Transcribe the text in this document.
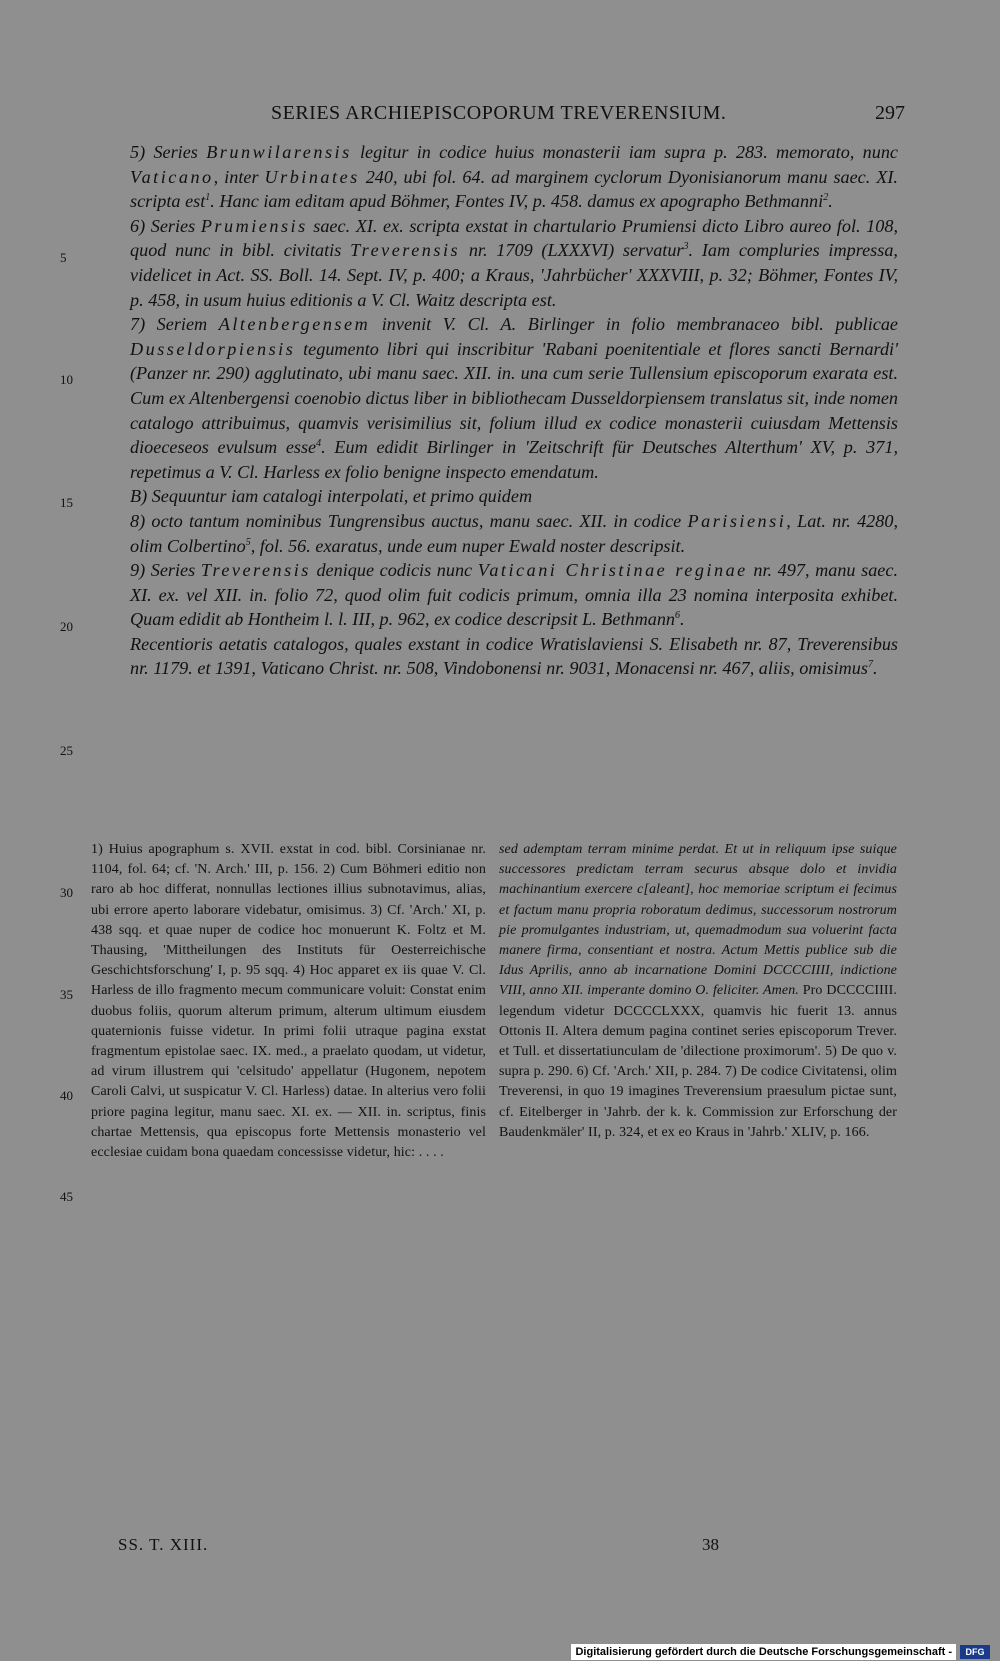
SERIES ARCHIEPISCOPORUM TREVERENSIUM.	297
5
10
15
20
25
30
35
40
45

5) Series Brunwilarensis legitur in codice huius monasterii iam supra p. 283. memorato, nunc Vaticano, inter Urbinates 240, ubi fol. 64. ad marginem cyclorum Dyonisianorum manu saec. XI. scripta est$^1$. Hanc iam editam apud Böhmer, Fontes IV, p. 458. damus ex apographo Bethmanni$^2$.

6) Series Prumiensis saec. XI. ex. scripta exstat in chartulario Prumiensi dicto Libro aureo fol. 108, quod nunc in bibl. civitatis Treverensis nr. 1709 (LXXXVI) servatur$^3$. Iam compluries impressa, videlicet in Act. SS. Boll. 14. Sept. IV, p. 400; a Kraus, 'Jahrbücher' XXXVIII, p. 32; Böhmer, Fontes IV, p. 458, in usum huius editionis a V. Cl. Waitz descripta est.

7) Seriem Altenbergensem invenit V. Cl. A. Birlinger in folio membranaceo bibl. publicae Dusseldorpiensis tegumento libri qui inscribitur 'Rabani poenitentiale et flores sancti Bernardi' (Panzer nr. 290) agglutinato, ubi manu saec. XII. in. una cum serie Tullensium episcoporum exarata est. Cum ex Altenbergensi coenobio dictus liber in bibliothecam Dusseldorpiensem translatus sit, inde nomen catalogo attribuimus, quamvis verisimilius sit, folium illud ex codice monasterii cuiusdam Mettensis dioeceseos evulsum esse$^4$. Eum edidit Birlinger in 'Zeitschrift für Deutsches Alterthum' XV, p. 371, repetimus a V. Cl. Harless ex folio benigne inspecto emendatum.

B) Sequuntur iam catalogi interpolati, et primo quidem

8) octo tantum nominibus Tungrensibus auctus, manu saec. XII. in codice Parisiensi, Lat. nr. 4280, olim Colbertino$^5$, fol. 56. exaratus, unde eum nuper Ewald noster descripsit.

9) Series Treverensis denique codicis nunc Vaticani Christinae reginae nr. 497, manu saec. XI. ex. vel XII. in. folio 72, quod olim fuit codicis primum, omnia illa 23 nomina interposita exhibet. Quam edidit ab Hontheim l. l. III, p. 962, ex codice descripsit L. Bethmann$^6$.

Recentioris aetatis catalogos, quales exstant in codice Wratislaviensi S. Elisabeth nr. 87, Treverensibus nr. 1179. et 1391, Vaticano Christ. nr. 508, Vindobonensi nr. 9031, Monacensi nr. 467, aliis, omisimus$^7$.

1) Huius apographum s. XVII. exstat in cod. bibl. Corsinianae nr. 1104, fol. 64; cf. 'N. Arch.' III, p. 156. 2) Cum Böhmeri editio non raro ab hoc differat, nonnullas lectiones illius subnotavimus, alias, ubi errore aperto laborare videbatur, omisimus. 3) Cf. 'Arch.' XI, p. 438 sqq. et quae nuper de codice hoc monuerunt K. Foltz et M. Thausing, 'Mittheilungen des Instituts für Oesterreichische Geschichtsforschung' I, p. 95 sqq. 4) Hoc apparet ex iis quae V. Cl. Harless de illo fragmento mecum communicare voluit: Constat enim duobus foliis, quorum alterum primum, alterum ultimum eiusdem quaternionis fuisse videtur. In primi folii utraque pagina exstat fragmentum epistolae saec. IX. med., a praelato quodam, ut videtur, ad virum illustrem qui 'celsitudo' appellatur (Hugonem, nepotem Caroli Calvi, ut suspicatur V. Cl. Harless) datae. In alterius vero folii priore pagina legitur, manu saec. XI. ex. — XII. in. scriptus, finis chartae Mettensis, qua episcopus forte Mettensis monasterio vel ecclesiae cuidam bona quaedam concessisse videtur, hic: . . . .

sed ademptam terram minime perdat. Et ut in reliquum ipse suique successores predictam terram securus absque dolo et invidia machinantium exercere c[aleant], hoc memoriae scriptum ei fecimus et factum manu propria roboratum dedimus, successorum nostrorum pie promulgantes industriam, ut, quemadmodum sua voluerint facta manere firma, consentiant et nostra. Actum Mettis publice sub die Idus Aprilis, anno ab incarnatione Domini DCCCCIIII, indictione VIII, anno XII. imperante domino O. feliciter. Amen. Pro DCCCCIIII. legendum videtur DCCCCLXXX, quamvis hic fuerit 13. annus Ottonis II. Altera demum pagina continet series episcoporum Trever. et Tull. et dissertatiunculam de 'dilectione proximorum'. 5) De quo v. supra p. 290. 6) Cf. 'Arch.' XII, p. 284. 7) De codice Civitatensi, olim Treverensi, in quo 19 imagines Treverensium praesulum pictae sunt, cf. Eitelberger in 'Jahrb. der k. k. Commission zur Erforschung der Baudenkmäler' II, p. 324, et ex eo Kraus in 'Jahrb.' XLIV, p. 166.

SS. T. XIII.	38
Digitalisierung gefördert durch die Deutsche Forschungsgemeinschaft -	DFG
